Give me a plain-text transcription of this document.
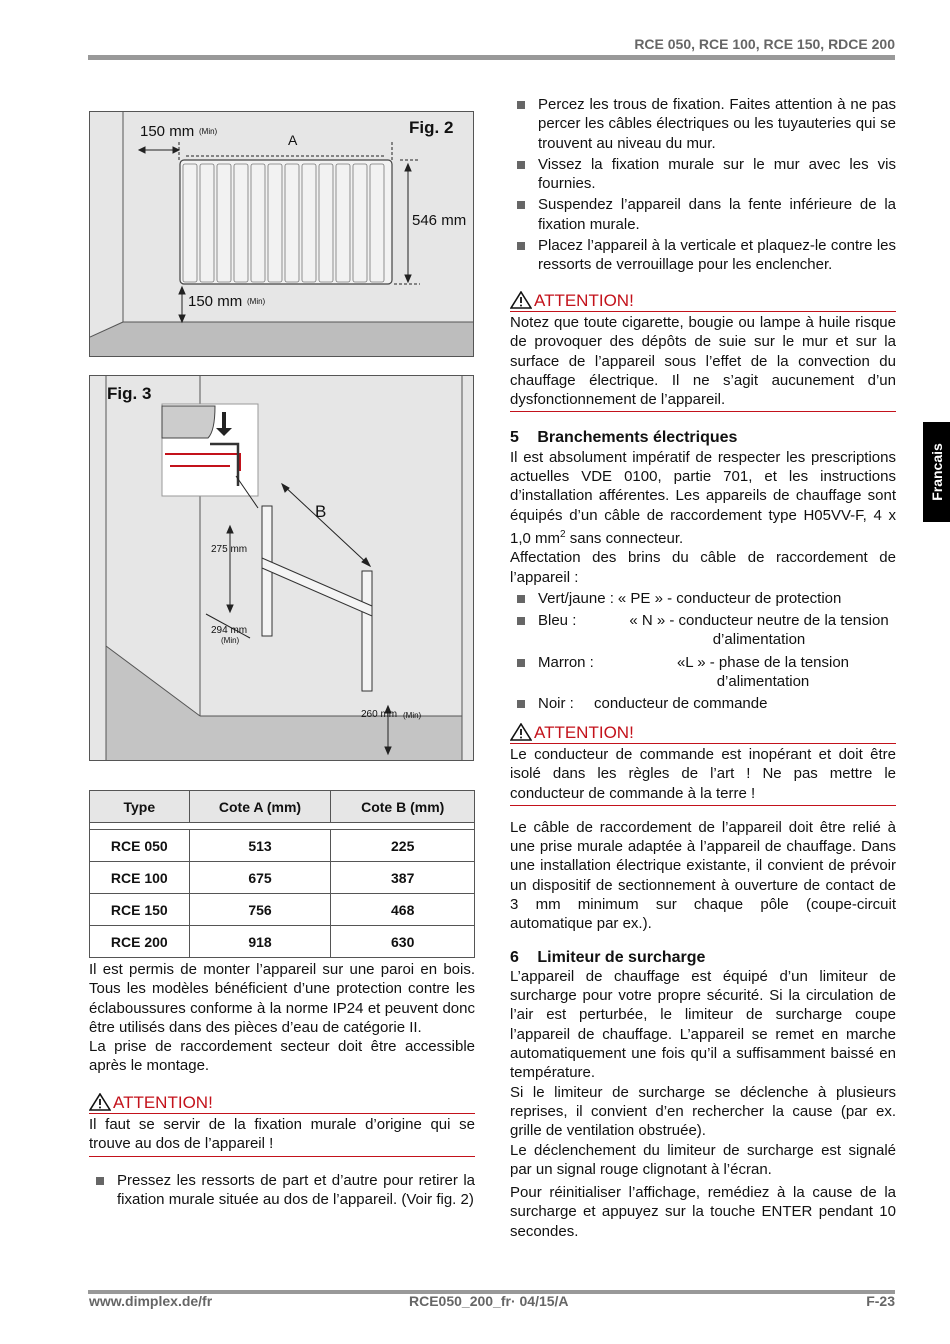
RCE 050, RCE 100, RCE 150, RDCE 200
Francais
150 mm (Min)
A
Fig. 2
546 mm
150 mm (Min)
Fig. 3
B
275 mm
294 mm
(Min)
260 mm (Min)
Type	Cote A (mm)	Cote B (mm)

RCE 050	513	225
RCE 100	675	387
RCE 150	756	468
RCE 200	918	630

Il est permis de monter l’appareil sur une paroi en bois. Tous les modèles bénéficient d’une protection contre les éclaboussures conforme à la norme IP24 et peuvent donc être utilisés dans des pièces d’eau de catégorie II.

La prise de raccordement secteur doit être accessible après le montage.

ATTENTION!
Il faut se servir de la fixation murale d’origine qui se trouve au dos de l’appareil !
Pressez les ressorts de part et d’autre pour retirer la fixation murale située au dos de l’appareil. (Voir fig. 2)
Percez les trous de fixation. Faites attention à ne pas percer les câbles électriques ou les tuyauteries qui se trouvent au niveau du mur.
Vissez la fixation murale sur le mur avec les vis fournies.
Suspendez l’appareil dans la fente inférieure de la fixation murale.
Placez l’appareil à la verticale et plaquez-le contre les ressorts de verrouillage pour les enclencher.
ATTENTION!
Notez que toute cigarette, bougie ou lampe à huile risque de provoquer des dépôts de suie sur le mur et sur la surface de l’appareil sous l’effet de la convection du chauffage électrique. Il ne s’agit aucunement d’un dysfonctionnement de l’appareil.
5 Branchements électriques

Il est absolument impératif de respecter les prescriptions actuelles VDE 0100, partie 701, et les instructions d’installation afférentes. Les appareils de chauffage sont équipés d’un câble de raccordement type H05VV-F, 4 x 1,0 $mm^2$ sans connecteur.

Affectation des brins du câble de raccordement de l’appareil :

Vert/jaune : « PE » - conducteur de protection
Bleu :	« N » - conducteur neutre de la tension d’alimentation
Marron :	«L » - phase de la tension d’alimentation
Noir :	conducteur de commande
ATTENTION!
Le conducteur de commande est inopérant et doit être isolé dans les règles de l’art ! Ne pas mettre le conducteur de commande à la terre !

Le câble de raccordement de l’appareil doit être relié à une prise murale adaptée à l’appareil de chauffage. Dans une installation électrique existante, il convient de prévoir un dispositif de sectionnement à ouverture de contact de 3 mm minimum sur chaque pôle (coupe-circuit automatique par ex.).

6 Limiteur de surcharge

L’appareil de chauffage est équipé d’un limiteur de surcharge pour votre propre sécurité. Si la circulation de l’air est perturbée, le limiteur de surcharge coupe l’appareil de chauffage. L’appareil se remet en marche automatiquement une fois qu’il a suffisamment baissé en température.

Si le limiteur de surcharge se déclenche à plusieurs reprises, il convient d’en rechercher la cause (par ex. grille de ventilation obstruée).

Le déclenchement du limiteur de surcharge est signalé par un signal rouge clignotant à l’écran.

Pour réinitialiser l’affichage, remédiez à la cause de la surcharge et appuyez sur la touche ENTER pendant 10 secondes.

www.dimplex.de/fr	RCE050_200_fr· 04/15/A	F-23
